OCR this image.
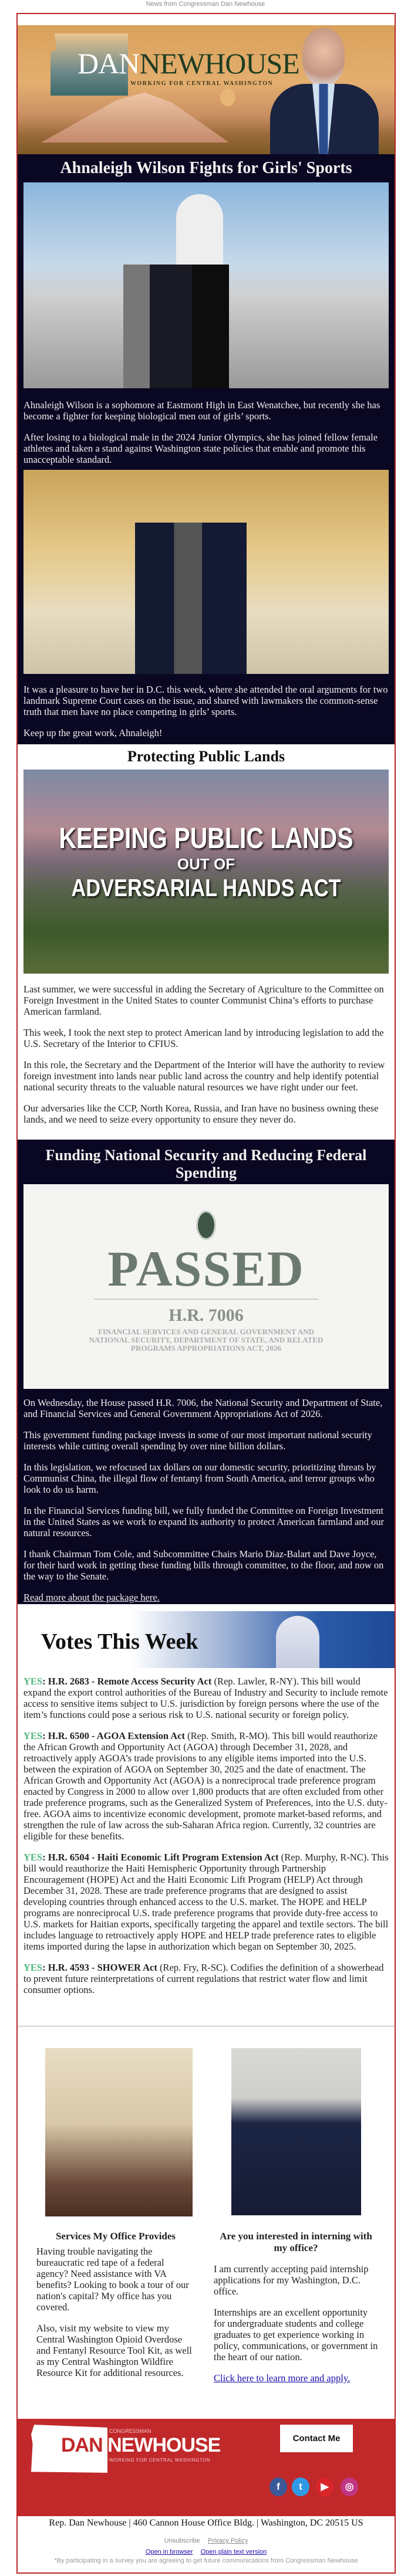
News from Congressman Dan Newhouse
DANNEWHOUSE
WORKING FOR CENTRAL WASHINGTON
Ahnaleigh Wilson Fights for Girls' Sports

Ahnaleigh Wilson is a sophomore at Eastmont High in East Wenatchee, but recently she has become a fighter for keeping biological men out of girls’ sports.

After losing to a biological male in the 2024 Junior Olympics, she has joined fellow female athletes and taken a stand against Washington state policies that enable and promote this unacceptable standard.

It was a pleasure to have her in D.C. this week, where she attended the oral arguments for two landmark Supreme Court cases on the issue, and shared with lawmakers the common-sense truth that men have no place competing in girls’ sports.

Keep up the great work, Ahnaleigh!

Protecting Public Lands
KEEPING PUBLIC LANDS
OUT OF
ADVERSARIAL HANDS ACT

Last summer, we were successful in adding the Secretary of Agriculture to the Committee on Foreign Investment in the United States to counter Communist China’s efforts to purchase American farmland.

This week, I took the next step to protect American land by introducing legislation to add the U.S. Secretary of the Interior to CFIUS.

In this role, the Secretary and the Department of the Interior will have the authority to review foreign investment into lands near public land across the country and help identify potential national security threats to the valuable natural resources we have right under our feet.

Our adversaries like the CCP, North Korea, Russia, and Iran have no business owning these lands, and we need to seize every opportunity to ensure they never do.

Funding National Security and Reducing Federal Spending
PASSED
H.R. 7006
FINANCIAL SERVICES AND GENERAL GOVERNMENT AND NATIONAL SECURITY, DEPARTMENT OF STATE, AND RELATED PROGRAMS APPROPRIATIONS ACT, 2026

On Wednesday, the House passed H.R. 7006, the National Security and Department of State, and Financial Services and General Government Appropriations Act of 2026.

This government funding package invests in some of our most important national security interests while cutting overall spending by over nine billion dollars.

In this legislation, we refocused tax dollars on our domestic security, prioritizing threats by Communist China, the illegal flow of fentanyl from South America, and terror groups who look to do us harm.

In the Financial Services funding bill, we fully funded the Committee on Foreign Investment in the United States as we work to expand its authority to protect American farmland and our natural resources.

I thank Chairman Tom Cole, and Subcommittee Chairs Mario Diaz-Balart and Dave Joyce, for their hard work in getting these funding bills through committee, to the floor, and now on the way to the Senate.

Read more about the package here.

Votes This Week

YES: H.R. 2683 - Remote Access Security Act (Rep. Lawler, R-NY). This bill would expand the export control authorities of the Bureau of Industry and Security to include remote access to sensitive items subject to U.S. jurisdiction by foreign persons where the use of the item’s functions could pose a serious risk to U.S. national security or foreign policy.

YES: H.R. 6500 - AGOA Extension Act (Rep. Smith, R-MO). This bill would reauthorize the African Growth and Opportunity Act (AGOA) through December 31, 2028, and retroactively apply AGOA’s trade provisions to any eligible items imported into the U.S. between the expiration of AGOA on September 30, 2025 and the date of enactment. The African Growth and Opportunity Act (AGOA) is a nonreciprocal trade preference program enacted by Congress in 2000 to allow over 1,800 products that are often excluded from other trade preference programs, such as the Generalized System of Preferences, into the U.S. duty-free. AGOA aims to incentivize economic development, promote market-based reforms, and strengthen the rule of law across the sub-Saharan Africa region. Currently, 32 countries are eligible for these benefits.

YES: H.R. 6504 - Haiti Economic Lift Program Extension Act (Rep. Murphy, R-NC). This bill would reauthorize the Haiti Hemispheric Opportunity through Partnership Encouragement (HOPE) Act and the Haiti Economic Lift Program (HELP) Act through December 31, 2028. These are trade preference programs that are designed to assist developing countries through enhanced access to the U.S. market. The HOPE and HELP programs are nonreciprocal U.S. trade preference programs that provide duty-free access to U.S. markets for Haitian exports, specifically targeting the apparel and textile sectors. The bill includes language to retroactively apply HOPE and HELP trade preference rates to eligible items imported during the lapse in authorization which began on September 30, 2025.

YES: H.R. 4593 - SHOWER Act (Rep. Fry, R-SC). Codifies the definition of a showerhead to prevent future reinterpretations of current regulations that restrict water flow and limit consumer options.

Services My Office Provides

Having trouble navigating the bureaucratic red tape of a federal agency? Need assistance with VA benefits? Looking to book a tour of our nation's capital? My office has you covered.

Also, visit my website to view my Central Washington Opioid Overdose and Fentanyl Resource Tool Kit, as well as my Central Washington Wildfire Resource Kit for additional resources.

Are you interested in interning with my office?

I am currently accepting paid internship applications for my Washington, D.C. office.

Internships are an excellent opportunity for undergraduate students and college graduates to get experience working in policy, communications, or government in the heart of our nation.

Click here to learn more and apply.

CONGRESSMAN
DAN NEWHOUSE
WORKING FOR CENTRAL WASHINGTON
Contact Me
f	t	▶	◎
Rep. Dan Newhouse | 460 Cannon House Office Bldg. | Washington, DC 20515 US
Unsubscribe Privacy Policy
Open in browser Open plain text version
*By participating in a survey you are agreeing to get future communications from Congressman Newhouse
